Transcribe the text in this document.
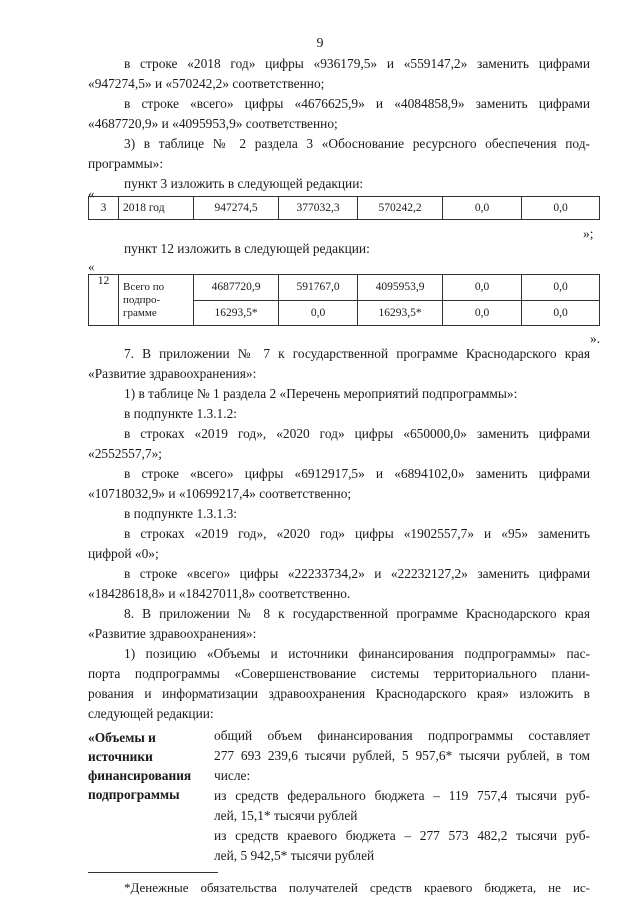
9
в строке «2018 год» цифры «936179,5» и «559147,2» заменить цифрами
«947274,5» и «570242,2» соответственно;
в строке «всего» цифры «4676625,9» и «4084858,9» заменить цифрами
«4687720,9» и «4095953,9» соответственно;
3) в таблице № 2 раздела 3 «Обоснование ресурсного обеспечения под-
программы»:
пункт 3 изложить в следующей редакции:
«
3	2018 год	947274,5	377032,3	570242,2	0,0	0,0
»;
пункт 12 изложить в следующей редакции:
«
12	Всего по подпро- грамме	4687720,9	591767,0	4095953,9	0,0	0,0
		16293,5*	0,0	16293,5*	0,0	0,0
».
7. В приложении № 7 к государственной программе Краснодарского края
«Развитие здравоохранения»:
1) в таблице № 1 раздела 2 «Перечень мероприятий подпрограммы»:
в подпункте 1.3.1.2:
в строках «2019 год», «2020 год» цифры «650000,0» заменить цифрами
«2552557,7»;
в строке «всего» цифры «6912917,5» и «6894102,0» заменить цифрами
«10718032,9» и «10699217,4» соответственно;
в подпункте 1.3.1.3:
в строках «2019 год», «2020 год» цифры «1902557,7» и «95» заменить
цифрой «0»;
в строке «всего» цифры «22233734,2» и «22232127,2» заменить цифрами
«18428618,8» и «18427011,8» соответственно.
8. В приложении № 8 к государственной программе Краснодарского края
«Развитие здравоохранения»:
1) позицию «Объемы и источники финансирования подпрограммы» пас-
порта подпрограммы «Совершенствование системы территориального плани-
рования и информатизации здравоохранения Краснодарского края» изложить в
следующей редакции:
«Объемы и источники финансирования подпрограммы
общий объем финансирования подпрограммы составляет
277 693 239,6 тысячи рублей, 5 957,6* тысячи рублей, в том
числе:
из средств федерального бюджета – 119 757,4 тысячи руб-
лей, 15,1* тысячи рублей
из средств краевого бюджета – 277 573 482,2 тысячи руб-
лей, 5 942,5* тысячи рублей
*Денежные обязательства получателей средств краевого бюджета, не ис-
